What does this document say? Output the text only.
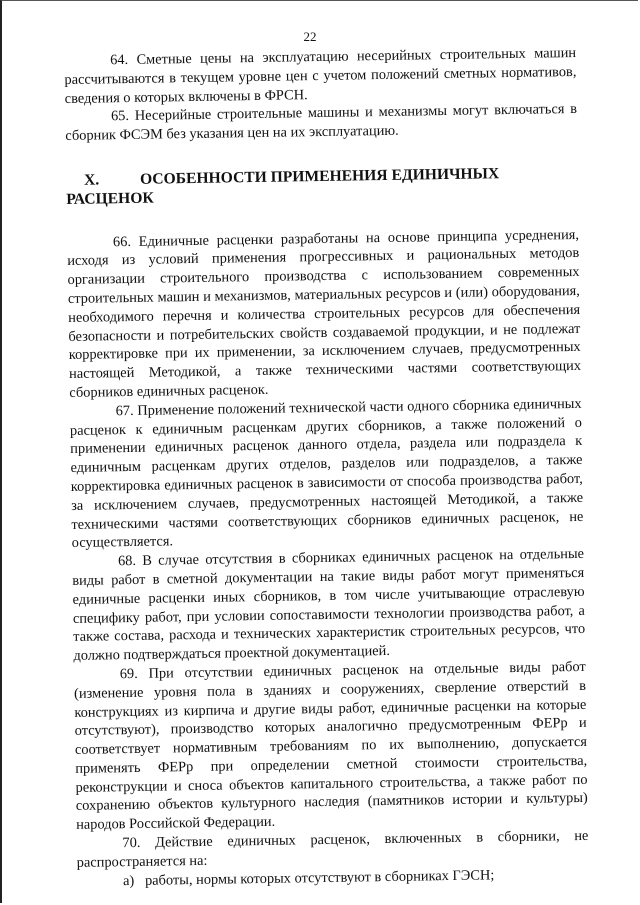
22

64. Сметные цены на эксплуатацию несерийных строительных машин рассчитываются в текущем уровне цен с учетом положений сметных нормативов, сведения о которых включены в ФРСН.

65. Несерийные строительные машины и механизмы могут включаться в сборник ФСЭМ без указания цен на их эксплуатацию.

X.	ОСОБЕННОСТИ ПРИМЕНЕНИЯ ЕДИНИЧНЫХ РАСЦЕНОК

66. Единичные расценки разработаны на основе принципа усреднения, исходя из условий применения прогрессивных и рациональных методов организации строительного производства с использованием современных строительных машин и механизмов, материальных ресурсов и (или) оборудования, необходимого перечня и количества строительных ресурсов для обеспечения безопасности и потребительских свойств создаваемой продукции, и не подлежат корректировке при их применении, за исключением случаев, предусмотренных настоящей Методикой, а также техническими частями соответствующих сборников единичных расценок.

67. Применение положений технической части одного сборника единичных расценок к единичным расценкам других сборников, а также положений о применении единичных расценок данного отдела, раздела или подраздела к единичным расценкам других отделов, разделов или подразделов, а также корректировка единичных расценок в зависимости от способа производства работ, за исключением случаев, предусмотренных настоящей Методикой, а также техническими частями соответствующих сборников единичных расценок, не осуществляется.

68. В случае отсутствия в сборниках единичных расценок на отдельные виды работ в сметной документации на такие виды работ могут применяться единичные расценки иных сборников, в том числе учитывающие отраслевую специфику работ, при условии сопоставимости технологии производства работ, а также состава, расхода и технических характеристик строительных ресурсов, что должно подтверждаться проектной документацией.

69. При отсутствии единичных расценок на отдельные виды работ (изменение уровня пола в зданиях и сооружениях, сверление отверстий в конструкциях из кирпича и другие виды работ, единичные расценки на которые отсутствуют), производство которых аналогично предусмотренным ФЕРр и соответствует нормативным требованиям по их выполнению, допускается применять ФЕРр при определении сметной стоимости строительства, реконструкции и сноса объектов капитального строительства, а также работ по сохранению объектов культурного наследия (памятников истории и культуры) народов Российской Федерации.

70. Действие единичных расценок, включенных в сборники, не распространяется на:

а) работы, нормы которых отсутствуют в сборниках ГЭСН;
